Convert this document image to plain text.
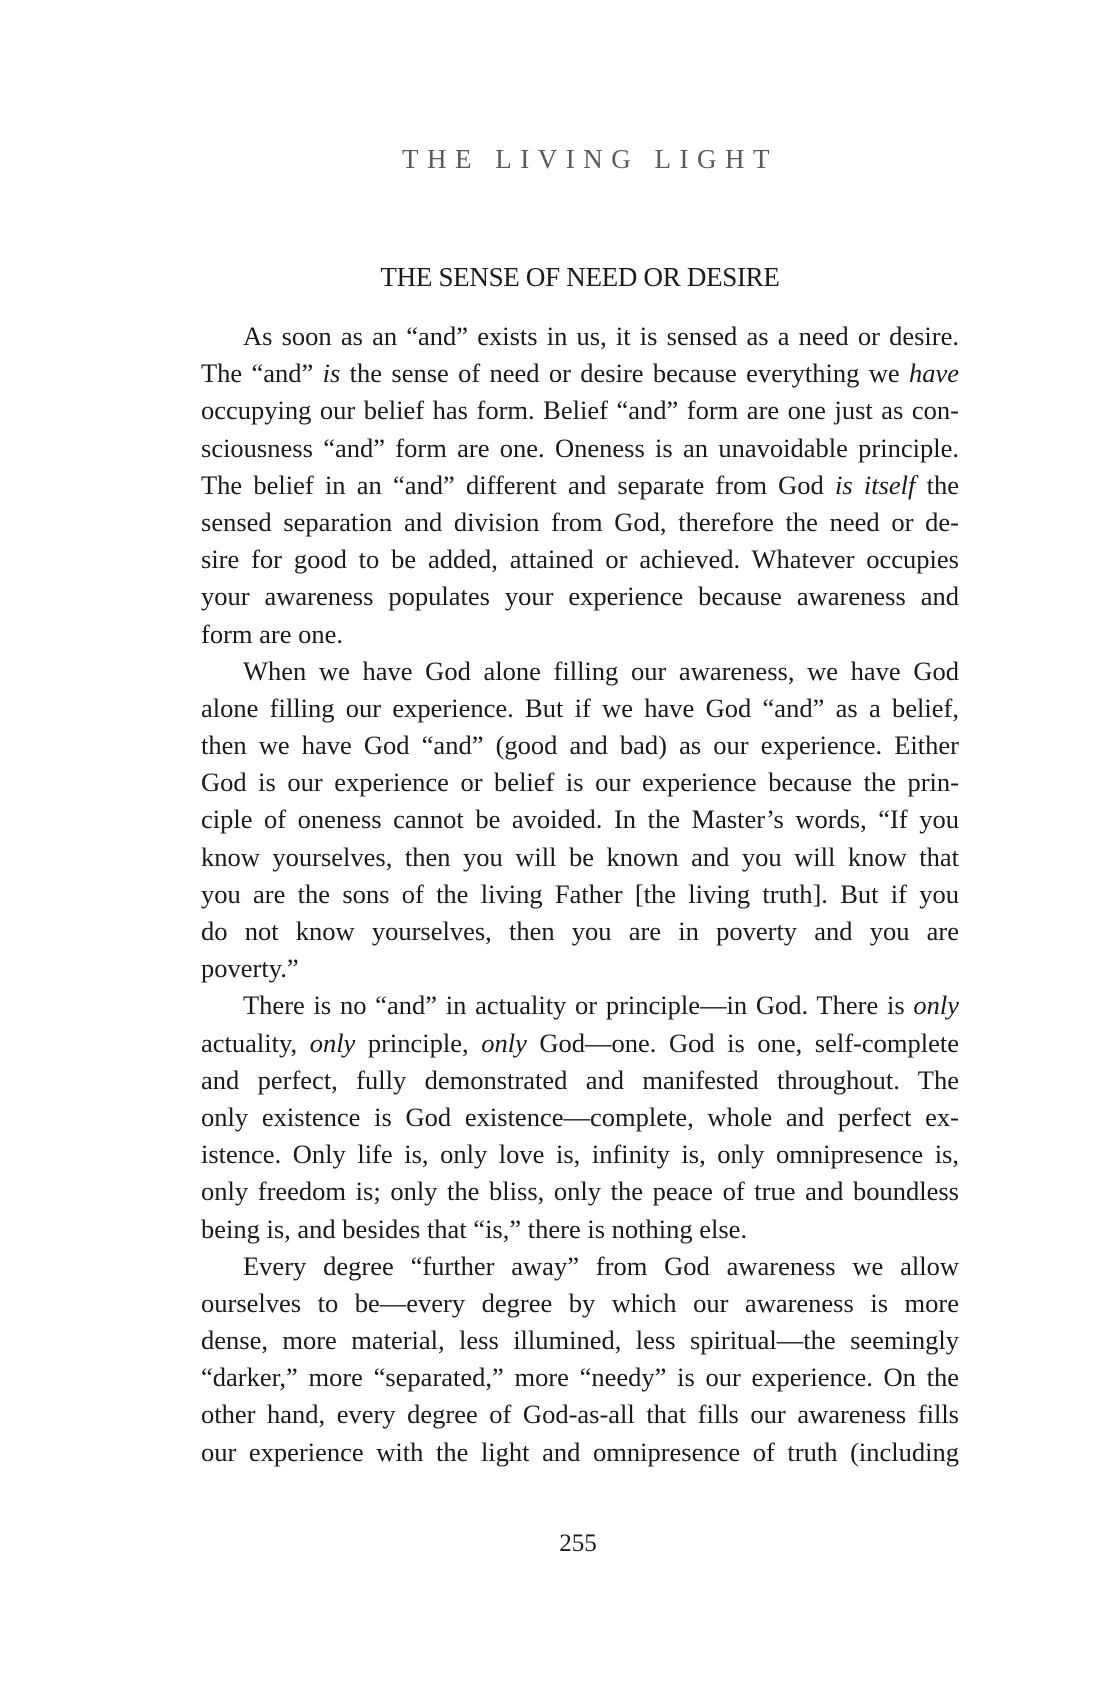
THE LIVING LIGHT
THE SENSE OF NEED OR DESIRE
As soon as an “and” exists in us, it is sensed as a need or desire.
The “and” is the sense of need or desire because everything we have
occupying our belief has form. Belief “and” form are one just as con-
sciousness “and” form are one. Oneness is an unavoidable principle.
The belief in an “and” different and separate from God is itself the
sensed separation and division from God, therefore the need or de-
sire for good to be added, attained or achieved. Whatever occupies
your awareness populates your experience because awareness and
form are one.
When we have God alone filling our awareness, we have God
alone filling our experience. But if we have God “and” as a belief,
then we have God “and” (good and bad) as our experience. Either
God is our experience or belief is our experience because the prin-
ciple of oneness cannot be avoided. In the Master’s words, “If you
know yourselves, then you will be known and you will know that
you are the sons of the living Father [the living truth]. But if you
do not know yourselves, then you are in poverty and you are
poverty.”
There is no “and” in actuality or principle—in God. There is only
actuality, only principle, only God—one. God is one, self-complete
and perfect, fully demonstrated and manifested throughout. The
only existence is God existence—complete, whole and perfect ex-
istence. Only life is, only love is, infinity is, only omnipresence is,
only freedom is; only the bliss, only the peace of true and boundless
being is, and besides that “is,” there is nothing else.
Every degree “further away” from God awareness we allow
ourselves to be—every degree by which our awareness is more
dense, more material, less illumined, less spiritual—the seemingly
“darker,” more “separated,” more “needy” is our experience. On the
other hand, every degree of God-as-all that fills our awareness fills
our experience with the light and omnipresence of truth (including
255
